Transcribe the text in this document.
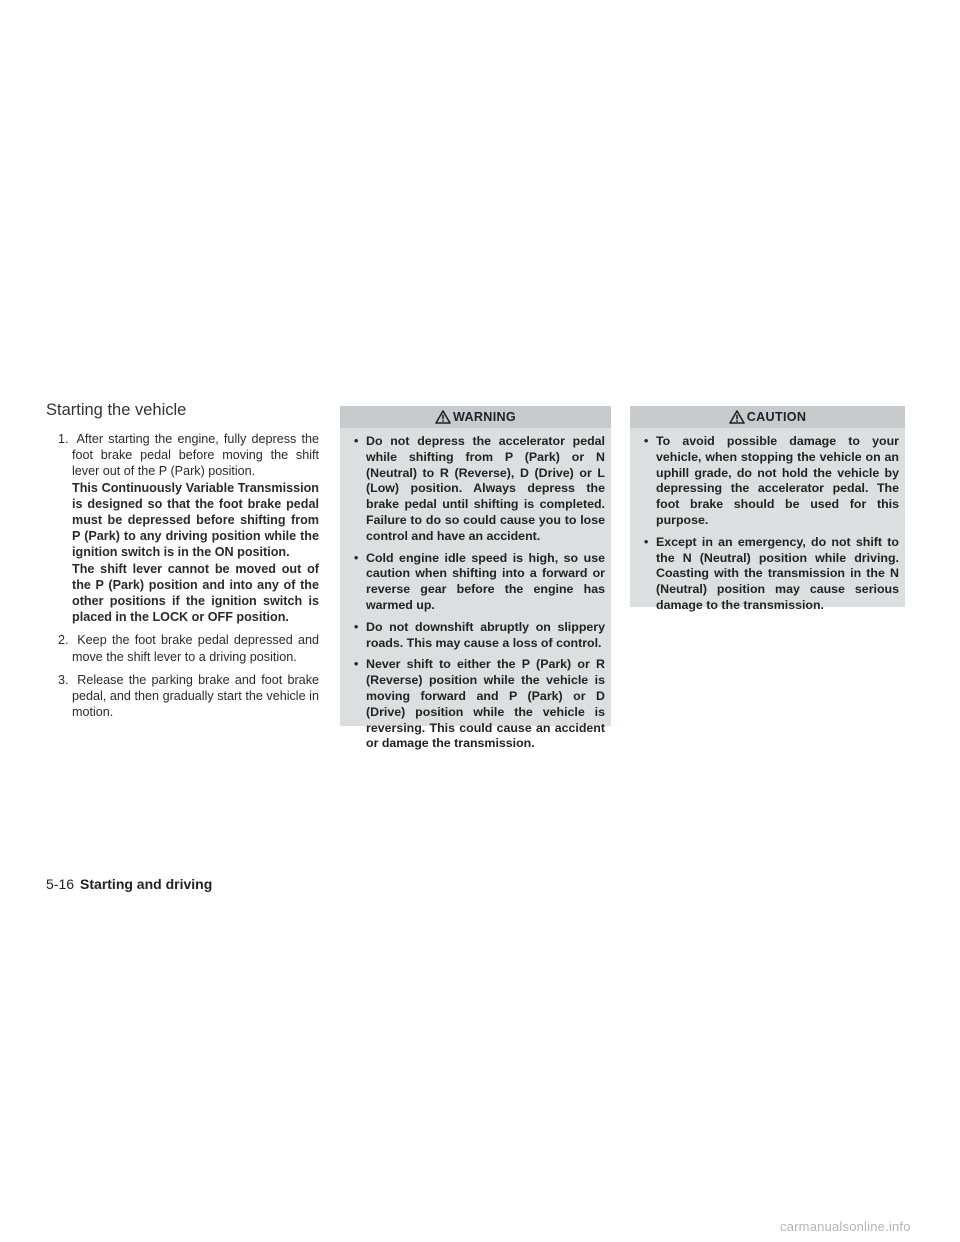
Starting the vehicle

1. After starting the engine, fully depress the foot brake pedal before moving the shift lever out of the P (Park) position.
This Continuously Variable Transmission is designed so that the foot brake pedal must be depressed before shifting from P (Park) to any driving position while the ignition switch is in the ON position.
The shift lever cannot be moved out of the P (Park) position and into any of the other positions if the ignition switch is placed in the LOCK or OFF position.

2. Keep the foot brake pedal depressed and move the shift lever to a driving position.

3. Release the parking brake and foot brake pedal, and then gradually start the vehicle in motion.

WARNING

• Do not depress the accelerator pedal while shifting from P (Park) or N (Neutral) to R (Reverse), D (Drive) or L (Low) position. Always depress the brake pedal until shifting is completed. Failure to do so could cause you to lose control and have an accident.

• Cold engine idle speed is high, so use caution when shifting into a forward or reverse gear before the engine has warmed up.

• Do not downshift abruptly on slippery roads. This may cause a loss of control.

• Never shift to either the P (Park) or R (Reverse) position while the vehicle is moving forward and P (Park) or D (Drive) position while the vehicle is reversing. This could cause an accident or damage the transmission.

CAUTION

• To avoid possible damage to your vehicle, when stopping the vehicle on an uphill grade, do not hold the vehicle by depressing the accelerator pedal. The foot brake should be used for this purpose.

• Except in an emergency, do not shift to the N (Neutral) position while driving. Coasting with the transmission in the N (Neutral) position may cause serious damage to the transmission.

5-16 Starting and driving
carmanualsonline.info
